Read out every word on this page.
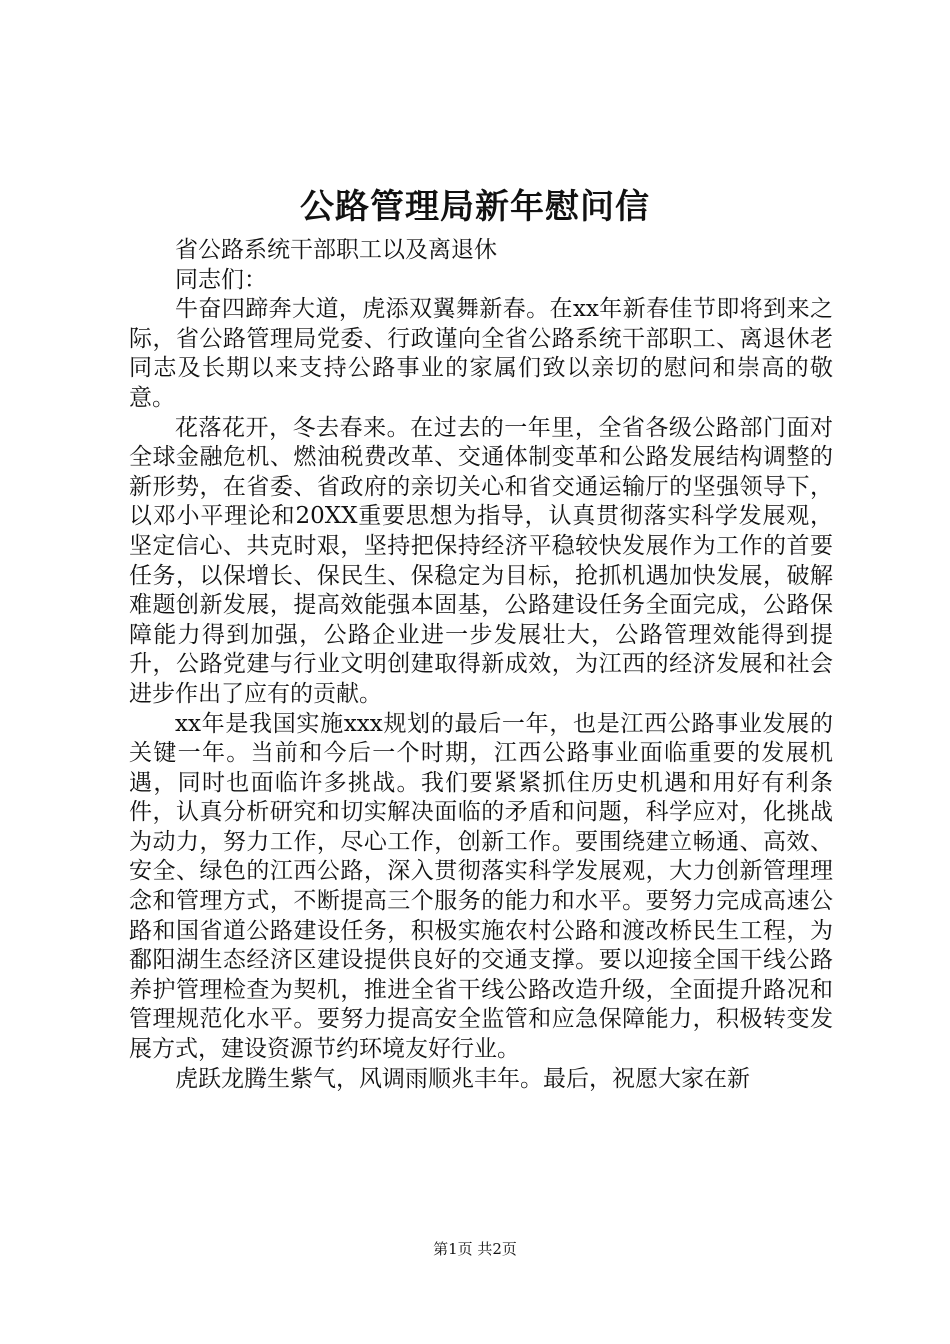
公路管理局新年慰问信

省公路系统干部职工以及离退休

同志们：

牛奋四蹄奔大道，虎添双翼舞新春。在xx年新春佳节即将到来之际，省公路管理局党委、行政谨向全省公路系统干部职工、离退休老同志及长期以来支持公路事业的家属们致以亲切的慰问和崇高的敬意。

花落花开，冬去春来。在过去的一年里，全省各级公路部门面对全球金融危机、燃油税费改革、交通体制变革和公路发展结构调整的新形势，在省委、省政府的亲切关心和省交通运输厅的坚强领导下，以邓小平理论和20XX重要思想为指导，认真贯彻落实科学发展观，坚定信心、共克时艰，坚持把保持经济平稳较快发展作为工作的首要任务，以保增长、保民生、保稳定为目标，抢抓机遇加快发展，破解难题创新发展，提高效能强本固基，公路建设任务全面完成，公路保障能力得到加强，公路企业进一步发展壮大，公路管理效能得到提升，公路党建与行业文明创建取得新成效，为江西的经济发展和社会进步作出了应有的贡献。

xx年是我国实施xxx规划的最后一年，也是江西公路事业发展的关键一年。当前和今后一个时期，江西公路事业面临重要的发展机遇，同时也面临许多挑战。我们要紧紧抓住历史机遇和用好有利条件，认真分析研究和切实解决面临的矛盾和问题，科学应对，化挑战为动力，努力工作，尽心工作，创新工作。要围绕建立畅通、高效、安全、绿色的江西公路，深入贯彻落实科学发展观，大力创新管理理念和管理方式，不断提高三个服务的能力和水平。要努力完成高速公路和国省道公路建设任务，积极实施农村公路和渡改桥民生工程，为鄱阳湖生态经济区建设提供良好的交通支撑。要以迎接全国干线公路养护管理检查为契机，推进全省干线公路改造升级，全面提升路况和管理规范化水平。要努力提高安全监管和应急保障能力，积极转变发展方式，建设资源节约环境友好行业。

虎跃龙腾生紫气，风调雨顺兆丰年。最后，祝愿大家在新

第1页 共2页
